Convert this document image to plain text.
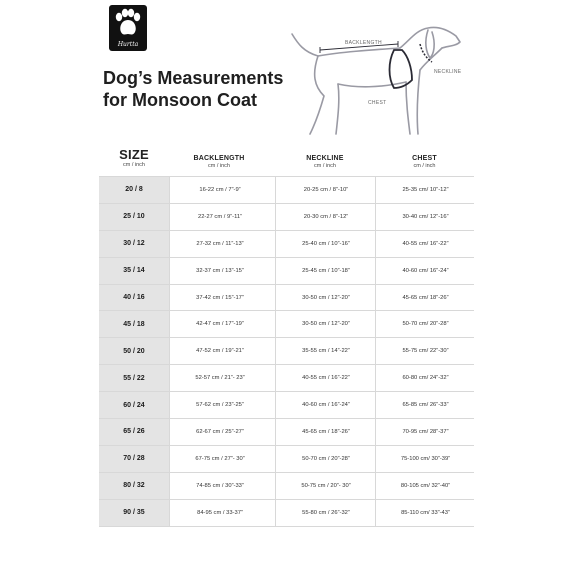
Hurtta
Dog’s Measurements
for Monsoon Coat
BACKLENGTH
NECKLINE
CHEST
SIZE
cm / inch
BACKLENGTH
cm / inch
NECKLINE
cm / inch
CHEST
cm / inch
20 / 8	16-22 cm / 7”-9”	20-25 cm / 8”-10”	25-35 cm/ 10”-12”
25 / 10	22-27 cm / 9”-11”	20-30 cm / 8”-12”	30-40 cm/ 12”-16”
30 / 12	27-32 cm / 11”-13”	25-40 cm / 10”-16”	40-55 cm/ 16”-22”
35 / 14	32-37 cm / 13”-15”	25-45 cm / 10”-18”	40-60 cm/ 16”-24”
40 / 16	37-42 cm / 15”-17”	30-50 cm / 12”-20”	45-65 cm/ 18”-26”
45 / 18	42-47 cm / 17”-19”	30-50 cm / 12”-20”	50-70 cm/ 20”-28”
50 / 20	47-52 cm / 19”-21”	35-55 cm / 14”-22”	55-75 cm/ 22”-30”
55 / 22	52-57 cm / 21”- 23”	40-55 cm / 16”-22”	60-80 cm/ 24”-32”
60 / 24	57-62 cm / 23”-25”	40-60 cm / 16”-24”	65-85 cm/ 26”-33”
65 / 26	62-67 cm / 25”-27”	45-65 cm / 18”-26”	70-95 cm/ 28”-37”
70 / 28	67-75 cm / 27”- 30”	50-70 cm / 20”-28”	75-100 cm/ 30”-39”
80 / 32	74-85 cm / 30”-33”	50-75 cm / 20”- 30”	80-105 cm/ 32”-40”
90 / 35	84-95 cm / 33-37”	55-80 cm / 26”-32”	85-110 cm/ 33”-43”
